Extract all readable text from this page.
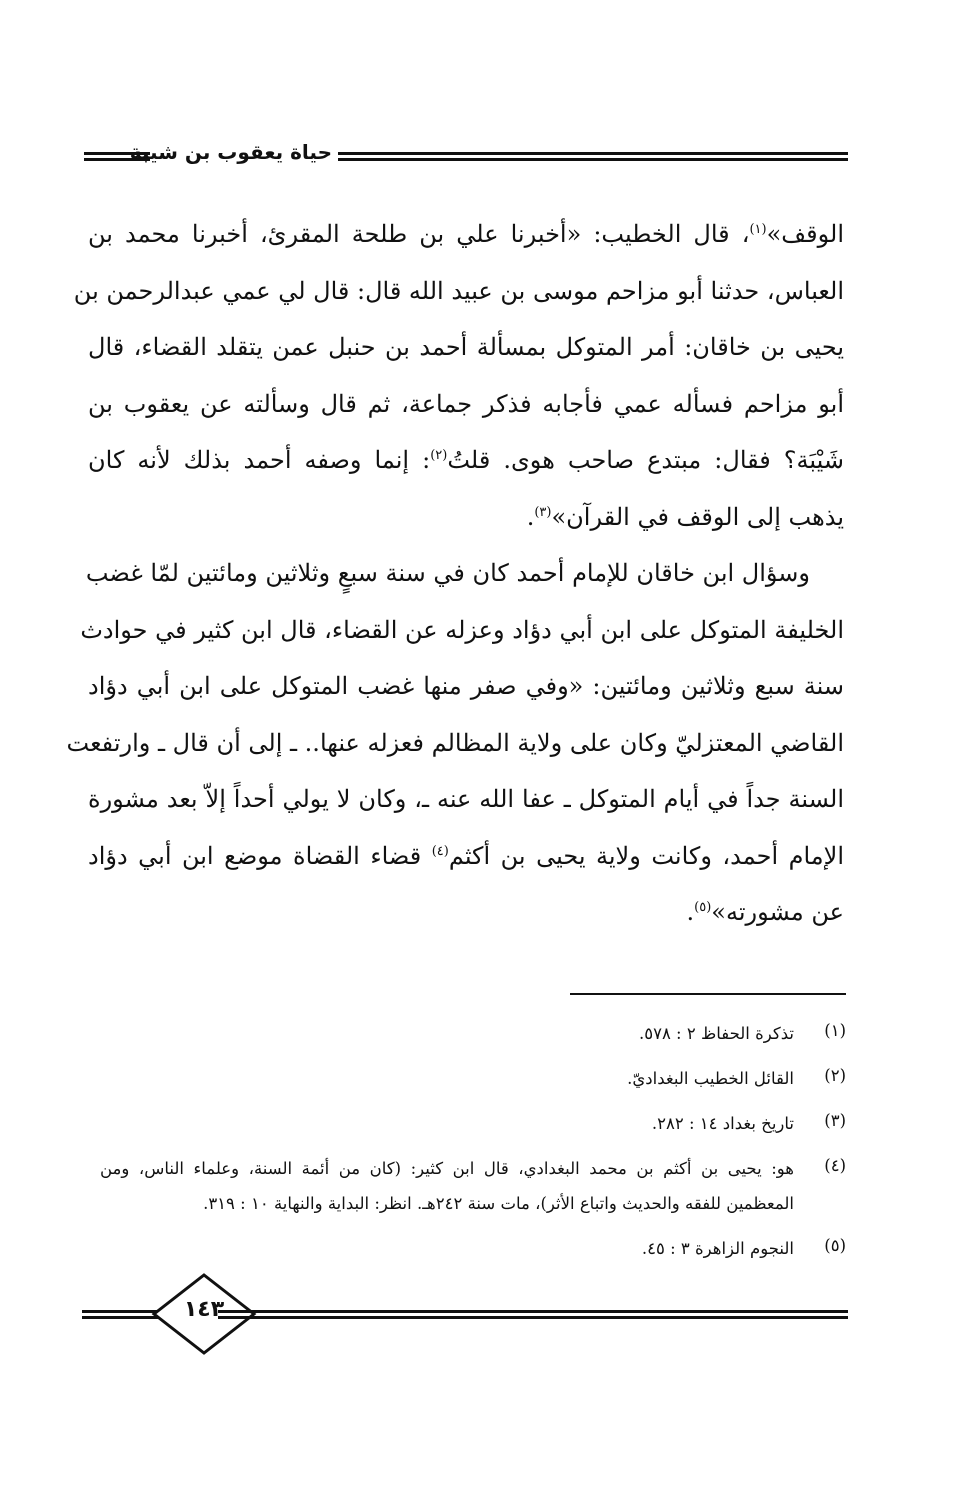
حياة يعقوب بن شيبة
الوقف»$^{(١)}$، قال الخطيب: «أخبرنا علي بن طلحة المقرئ، أخبرنا محمد بن
العباس، حدثنا أبو مزاحم موسى بن عبيد الله قال: قال لي عمي عبدالرحمن بن
يحيى بن خاقان: أمر المتوكل بمسألة أحمد بن حنبل عمن يتقلد القضاء، قال
أبو مزاحم فسأله عمي فأجابه فذكر جماعة، ثم قال وسألته عن يعقوب بن
شَيْبَة؟ فقال: مبتدع صاحب هوى. قلتُ$^{(٢)}$: إنما وصفه أحمد بذلك لأنه كان
يذهب إلى الوقف في القرآن»$^{(٣)}$.
وسؤال ابن خاقان للإمام أحمد كان في سنة سبعٍ وثلاثين ومائتين لمّا غضب
الخليفة المتوكل على ابن أبي دؤاد وعزله عن القضاء، قال ابن كثير في حوادث
سنة سبع وثلاثين ومائتين: «وفي صفر منها غضب المتوكل على ابن أبي دؤاد
القاضي المعتزليّ وكان على ولاية المظالم فعزله عنها.. ـ إلى أن قال ـ وارتفعت
السنة جداً في أيام المتوكل ـ عفا الله عنه ـ، وكان لا يولي أحداً إلاّ بعد مشورة
الإمام أحمد، وكانت ولاية يحيى بن أكثم$^{(٤)}$ قضاء القضاة موضع ابن أبي دؤاد
عن مشورته»$^{(٥)}$.
(١)
تذكرة الحفاظ ٢ : ٥٧٨.
(٢)
القائل الخطيب البغداديّ.
(٣)
تاريخ بغداد ١٤ : ٢٨٢.
(٤)
هو: يحيى بن أكثم بن محمد البغدادي، قال ابن كثير: (كان من أئمة السنة، وعلماء الناس، ومن المعظمين للفقه والحديث واتباع الأثر)، مات سنة ٢٤٢هـ. انظر: البداية والنهاية ١٠ : ٣١٩.
(٥)
النجوم الزاهرة ٣ : ٤٥.
١٤٣
